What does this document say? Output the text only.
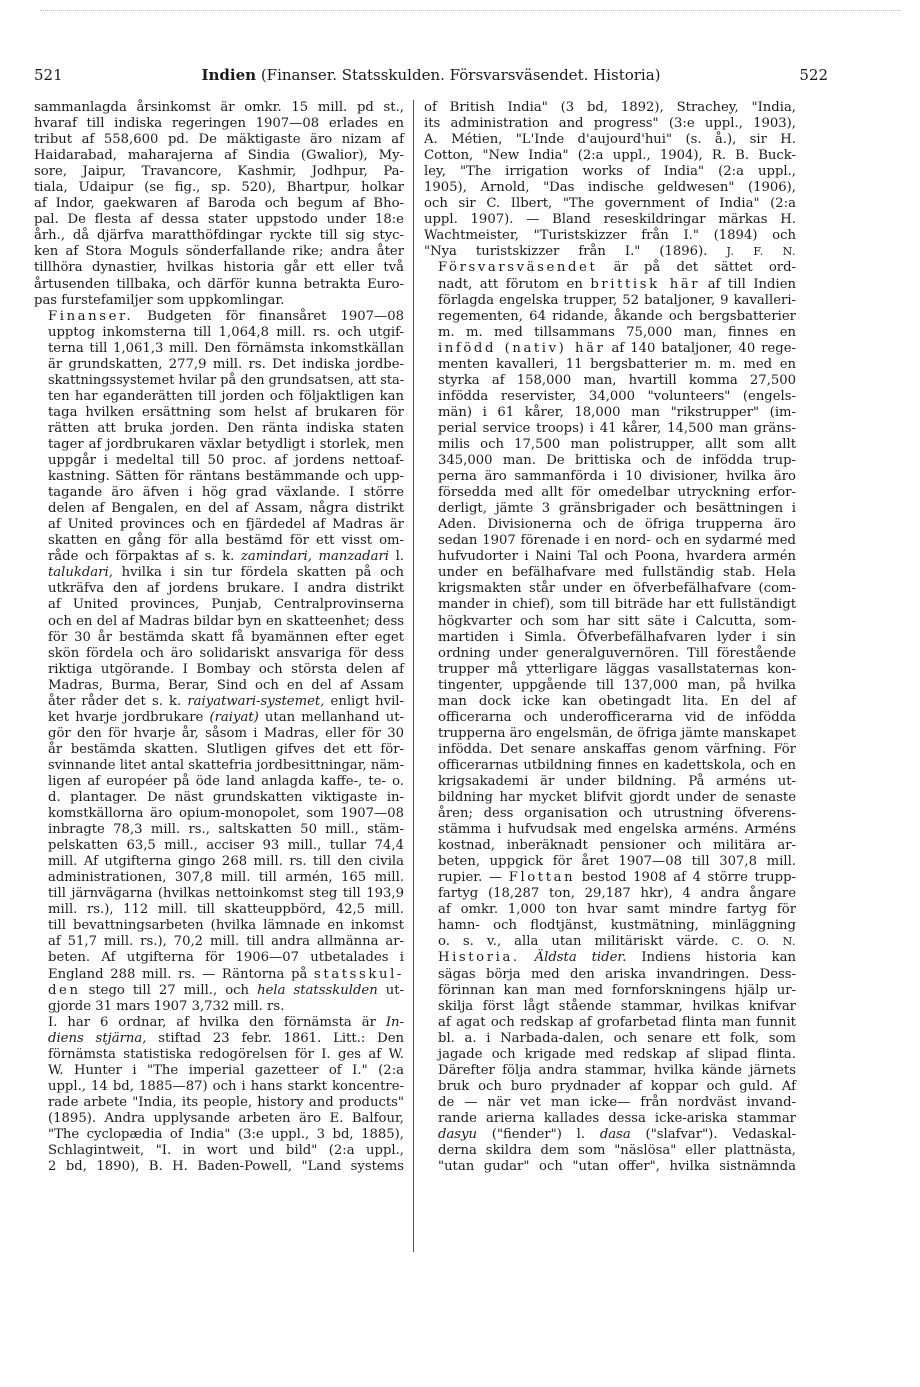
521	Indien (Finanser. Statsskulden. Försvarsväsendet. Historia)	522

sammanlagda årsinkomst är omkr. 15 mill. pd st.,
hvaraf till indiska regeringen 1907—08 erlades en
tribut af 558,600 pd. De mäktigaste äro nizam af
Haidarabad, maharajerna af Sindia (Gwalior), My-
sore, Jaipur, Travancore, Kashmir, Jodhpur, Pa-
tiala, Udaipur (se fig., sp. 520), Bhartpur, holkar
af Indor, gaekwaren af Baroda och begum af Bho-
pal. De flesta af dessa stater uppstodo under 18:e
årh., då djärfva maratthöfdingar ryckte till sig styc-
ken af Stora Moguls sönderfallande rike; andra åter
tillhöra dynastier, hvilkas historia går ett eller två
årtusenden tillbaka, och därför kunna betrakta Euro-
pas furstefamiljer som uppkomlingar.

Finanser. Budgeten för finansåret 1907—08
upptog inkomsterna till 1,064,8 mill. rs. och utgif-
terna till 1,061,3 mill. Den förnämsta inkomstkällan
är grundskatten, 277,9 mill. rs. Det indiska jordbe-
skattningssystemet hvilar på den grundsatsen, att sta-
ten har eganderätten till jorden och följaktligen kan
taga hvilken ersättning som helst af brukaren för
rätten att bruka jorden. Den ränta indiska staten
tager af jordbrukaren växlar betydligt i storlek, men
uppgår i medeltal till 50 proc. af jordens nettoaf-
kastning. Sätten för räntans bestämmande och upp-
tagande äro äfven i hög grad växlande. I större
delen af Bengalen, en del af Assam, några distrikt
af United provinces och en fjärdedel af Madras är
skatten en gång för alla bestämd för ett visst om-
råde och förpaktas af s. k. zamindari, manzadari l.
talukdari, hvilka i sin tur fördela skatten på och
utkräfva den af jordens brukare. I andra distrikt
af United provinces, Punjab, Centralprovinserna
och en del af Madras bildar byn en skatteenhet; dess
för 30 år bestämda skatt få byamännen efter eget
skön fördela och äro solidariskt ansvariga för dess
riktiga utgörande. I Bombay och största delen af
Madras, Burma, Berar, Sind och en del af Assam
åter råder det s. k. raiyatwari-systemet, enligt hvil-
ket hvarje jordbrukare (raiyat) utan mellanhand ut-
gör den för hvarje år, såsom i Madras, eller för 30
år bestämda skatten. Slutligen gifves det ett för-
svinnande litet antal skattefria jordbesittningar, näm-
ligen af européer på öde land anlagda kaffe-, te- o.
d. plantager. De näst grundskatten viktigaste in-
komstkällorna äro opium-monopolet, som 1907—08
inbragte 78,3 mill. rs., saltskatten 50 mill., stäm-
pelskatten 63,5 mill., acciser 93 mill., tullar 74,4
mill. Af utgifterna gingo 268 mill. rs. till den civila
administrationen, 307,8 mill. till armén, 165 mill.
till järnvägarna (hvilkas nettoinkomst steg till 193,9
mill. rs.), 112 mill. till skatteuppbörd, 42,5 mill.
till bevattningsarbeten (hvilka lämnade en inkomst
af 51,7 mill. rs.), 70,2 mill. till andra allmänna ar-
beten. Af utgifterna för 1906—07 utbetalades i
England 288 mill. rs. — Räntorna på statsskul-
den stego till 27 mill., och hela statsskulden ut-
gjorde 31 mars 1907 3,732 mill. rs.

I. har 6 ordnar, af hvilka den förnämsta är In-
diens stjärna, stiftad 23 febr. 1861. Litt.: Den
förnämsta statistiska redogörelsen för I. ges af W.
W. Hunter i "The imperial gazetteer of I." (2:a
uppl., 14 bd, 1885—87) och i hans starkt koncentre-
rade arbete "India, its people, history and products"
(1895). Andra upplysande arbeten äro E. Balfour,
"The cyclopædia of India" (3:e uppl., 3 bd, 1885),
Schlagintweit, "I. in wort und bild" (2:a uppl.,
2 bd, 1890), B. H. Baden-Powell, "Land systems

of British India" (3 bd, 1892), Strachey, "India,
its administration and progress" (3:e uppl., 1903),
A. Métien, "L'Inde d'aujourd'hui" (s. å.), sir H.
Cotton, "New India" (2:a uppl., 1904), R. B. Buck-
ley, "The irrigation works of India" (2:a uppl.,
1905), Arnold, "Das indische geldwesen" (1906),
och sir C. Ilbert, "The government of India" (2:a
uppl. 1907). — Bland reseskildringar märkas H.
Wachtmeister, "Turistskizzer från I." (1894) och
"Nya turistskizzer från I." (1896). J. F. N.

Försvarsväsendet är på det sättet ord-
nadt, att förutom en brittisk här af till Indien
förlagda engelska trupper, 52 bataljoner, 9 kavalleri-
regementen, 64 ridande, åkande och bergsbatterier
m. m. med tillsammans 75,000 man, finnes en
infödd (nativ) här af 140 bataljoner, 40 rege-
menten kavalleri, 11 bergsbatterier m. m. med en
styrka af 158,000 man, hvartill komma 27,500
infödda reservister, 34,000 "volunteers" (engels-
män) i 61 kårer, 18,000 man "rikstrupper" (im-
perial service troops) i 41 kårer, 14,500 man gräns-
milis och 17,500 man polistrupper, allt som allt
345,000 man. De brittiska och de infödda trup-
perna äro sammanförda i 10 divisioner, hvilka äro
försedda med allt för omedelbar utryckning erfor-
derligt, jämte 3 gränsbrigader och besättningen i
Aden. Divisionerna och de öfriga trupperna äro
sedan 1907 förenade i en nord- och en sydarmé med
hufvudorter i Naini Tal och Poona, hvardera armén
under en befälhafvare med fullständig stab. Hela
krigsmakten står under en öfverbefälhafvare (com-
mander in chief), som till biträde har ett fullständigt
högkvarter och som har sitt säte i Calcutta, som-
martiden i Simla. Öfverbefälhafvaren lyder i sin
ordning under generalguvernören. Till förestående
trupper må ytterligare läggas vasallstaternas kon-
tingenter, uppgående till 137,000 man, på hvilka
man dock icke kan obetingadt lita. En del af
officerarna och underofficerarna vid de infödda
trupperna äro engelsmän, de öfriga jämte manskapet
infödda. Det senare anskaffas genom värfning. För
officerarnas utbildning finnes en kadettskola, och en
krigsakademi är under bildning. På arméns ut-
bildning har mycket blifvit gjordt under de senaste
åren; dess organisation och utrustning öfverens-
stämma i hufvudsak med engelska arméns. Arméns
kostnad, inberäknadt pensioner och militära ar-
beten, uppgick för året 1907—08 till 307,8 mill.
rupier. — Flottan bestod 1908 af 4 större trupp-
fartyg (18,287 ton, 29,187 hkr), 4 andra ångare
af omkr. 1,000 ton hvar samt mindre fartyg för
hamn- och flodtjänst, kustmätning, minläggning
o. s. v., alla utan militäriskt värde. C. O. N.

Historia. Äldsta tider. Indiens historia kan
sägas börja med den ariska invandringen. Dess-
förinnan kan man med fornforskningens hjälp ur-
skilja först lågt stående stammar, hvilkas knifvar
af agat och redskap af grofarbetad flinta man funnit
bl. a. i Narbada-dalen, och senare ett folk, som
jagade och krigade med redskap af slipad flinta.
Därefter följa andra stammar, hvilka kände järnets
bruk och buro prydnader af koppar och guld. Af
de — när vet man icke— från nordväst invand-
rande arierna kallades dessa icke-ariska stammar
dasyu ("fiender") l. dasa ("slafvar"). Vedaskal-
derna skildra dem som "näslösa" eller plattnästa,
"utan gudar" och "utan offer", hvilka sistnämnda
